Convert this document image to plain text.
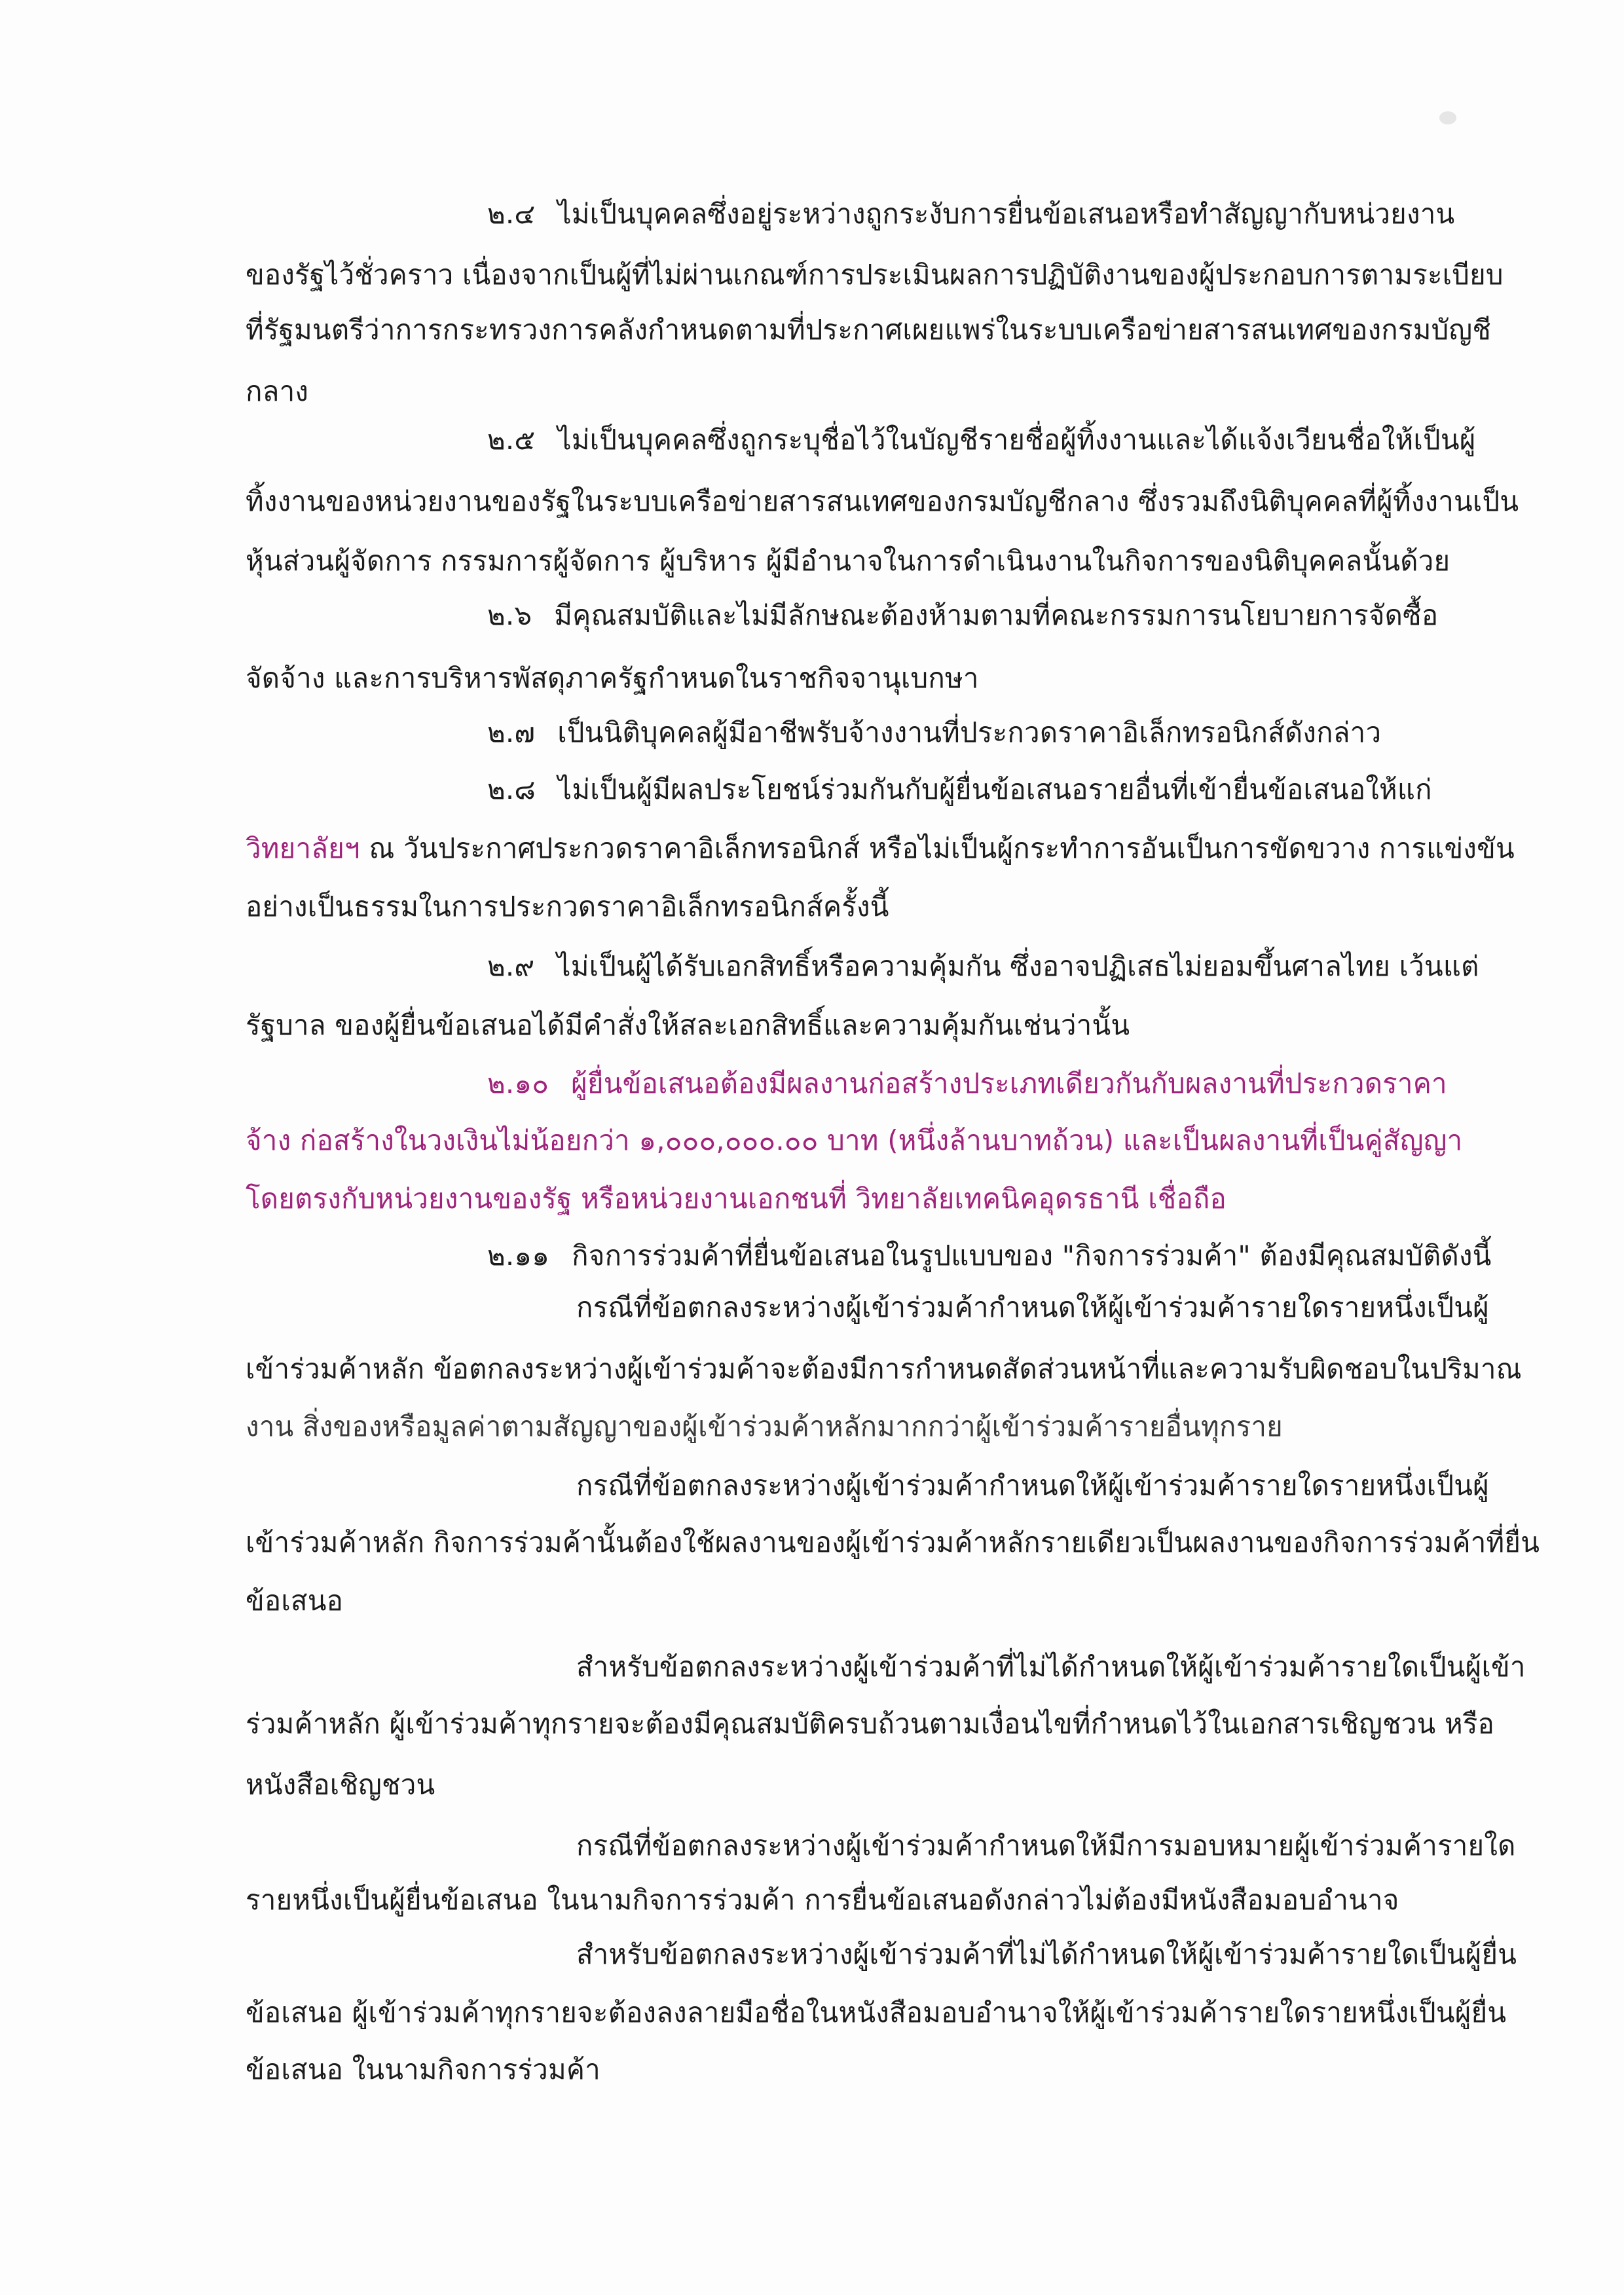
๒.๔ ไม่เป็นบุคคลซึ่งอยู่ระหว่างถูกระงับการยื่นข้อเสนอหรือทำสัญญากับหน่วยงาน
ของรัฐไว้ชั่วคราว เนื่องจากเป็นผู้ที่ไม่ผ่านเกณฑ์การประเมินผลการปฏิบัติงานของผู้ประกอบการตามระเบียบ
ที่รัฐมนตรีว่าการกระทรวงการคลังกำหนดตามที่ประกาศเผยแพร่ในระบบเครือข่ายสารสนเทศของกรมบัญชี
กลาง
๒.๕ ไม่เป็นบุคคลซึ่งถูกระบุชื่อไว้ในบัญชีรายชื่อผู้ทิ้งงานและได้แจ้งเวียนชื่อให้เป็นผู้
ทิ้งงานของหน่วยงานของรัฐในระบบเครือข่ายสารสนเทศของกรมบัญชีกลาง ซึ่งรวมถึงนิติบุคคลที่ผู้ทิ้งงานเป็น
หุ้นส่วนผู้จัดการ กรรมการผู้จัดการ ผู้บริหาร ผู้มีอำนาจในการดำเนินงานในกิจการของนิติบุคคลนั้นด้วย
๒.๖ มีคุณสมบัติและไม่มีลักษณะต้องห้ามตามที่คณะกรรมการนโยบายการจัดซื้อ
จัดจ้าง และการบริหารพัสดุภาครัฐกำหนดในราชกิจจานุเบกษา
๒.๗ เป็นนิติบุคคลผู้มีอาชีพรับจ้างงานที่ประกวดราคาอิเล็กทรอนิกส์ดังกล่าว
๒.๘ ไม่เป็นผู้มีผลประโยชน์ร่วมกันกับผู้ยื่นข้อเสนอรายอื่นที่เข้ายื่นข้อเสนอให้แก่
วิทยาลัยฯ ณ วันประกาศประกวดราคาอิเล็กทรอนิกส์ หรือไม่เป็นผู้กระทำการอันเป็นการขัดขวาง การแข่งขัน
อย่างเป็นธรรมในการประกวดราคาอิเล็กทรอนิกส์ครั้งนี้
๒.๙ ไม่เป็นผู้ได้รับเอกสิทธิ์หรือความคุ้มกัน ซึ่งอาจปฏิเสธไม่ยอมขึ้นศาลไทย เว้นแต่
รัฐบาล ของผู้ยื่นข้อเสนอได้มีคำสั่งให้สละเอกสิทธิ์และความคุ้มกันเช่นว่านั้น
๒.๑๐ ผู้ยื่นข้อเสนอต้องมีผลงานก่อสร้างประเภทเดียวกันกับผลงานที่ประกวดราคา
จ้าง ก่อสร้างในวงเงินไม่น้อยกว่า ๑,๐๐๐,๐๐๐.๐๐ บาท (หนึ่งล้านบาทถ้วน) และเป็นผลงานที่เป็นคู่สัญญา
โดยตรงกับหน่วยงานของรัฐ หรือหน่วยงานเอกชนที่ วิทยาลัยเทคนิคอุดรธานี เชื่อถือ
๒.๑๑ กิจการร่วมค้าที่ยื่นข้อเสนอในรูปแบบของ "กิจการร่วมค้า" ต้องมีคุณสมบัติดังนี้
กรณีที่ข้อตกลงระหว่างผู้เข้าร่วมค้ากำหนดให้ผู้เข้าร่วมค้ารายใดรายหนึ่งเป็นผู้
เข้าร่วมค้าหลัก ข้อตกลงระหว่างผู้เข้าร่วมค้าจะต้องมีการกำหนดสัดส่วนหน้าที่และความรับผิดชอบในปริมาณ
งาน สิ่งของหรือมูลค่าตามสัญญาของผู้เข้าร่วมค้าหลักมากกว่าผู้เข้าร่วมค้ารายอื่นทุกราย
กรณีที่ข้อตกลงระหว่างผู้เข้าร่วมค้ากำหนดให้ผู้เข้าร่วมค้ารายใดรายหนึ่งเป็นผู้
เข้าร่วมค้าหลัก กิจการร่วมค้านั้นต้องใช้ผลงานของผู้เข้าร่วมค้าหลักรายเดียวเป็นผลงานของกิจการร่วมค้าที่ยื่น
ข้อเสนอ
สำหรับข้อตกลงระหว่างผู้เข้าร่วมค้าที่ไม่ได้กำหนดให้ผู้เข้าร่วมค้ารายใดเป็นผู้เข้า
ร่วมค้าหลัก ผู้เข้าร่วมค้าทุกรายจะต้องมีคุณสมบัติครบถ้วนตามเงื่อนไขที่กำหนดไว้ในเอกสารเชิญชวน หรือ
หนังสือเชิญชวน
กรณีที่ข้อตกลงระหว่างผู้เข้าร่วมค้ากำหนดให้มีการมอบหมายผู้เข้าร่วมค้ารายใด
รายหนึ่งเป็นผู้ยื่นข้อเสนอ ในนามกิจการร่วมค้า การยื่นข้อเสนอดังกล่าวไม่ต้องมีหนังสือมอบอำนาจ
สำหรับข้อตกลงระหว่างผู้เข้าร่วมค้าที่ไม่ได้กำหนดให้ผู้เข้าร่วมค้ารายใดเป็นผู้ยื่น
ข้อเสนอ ผู้เข้าร่วมค้าทุกรายจะต้องลงลายมือชื่อในหนังสือมอบอำนาจให้ผู้เข้าร่วมค้ารายใดรายหนึ่งเป็นผู้ยื่น
ข้อเสนอ ในนามกิจการร่วมค้า
